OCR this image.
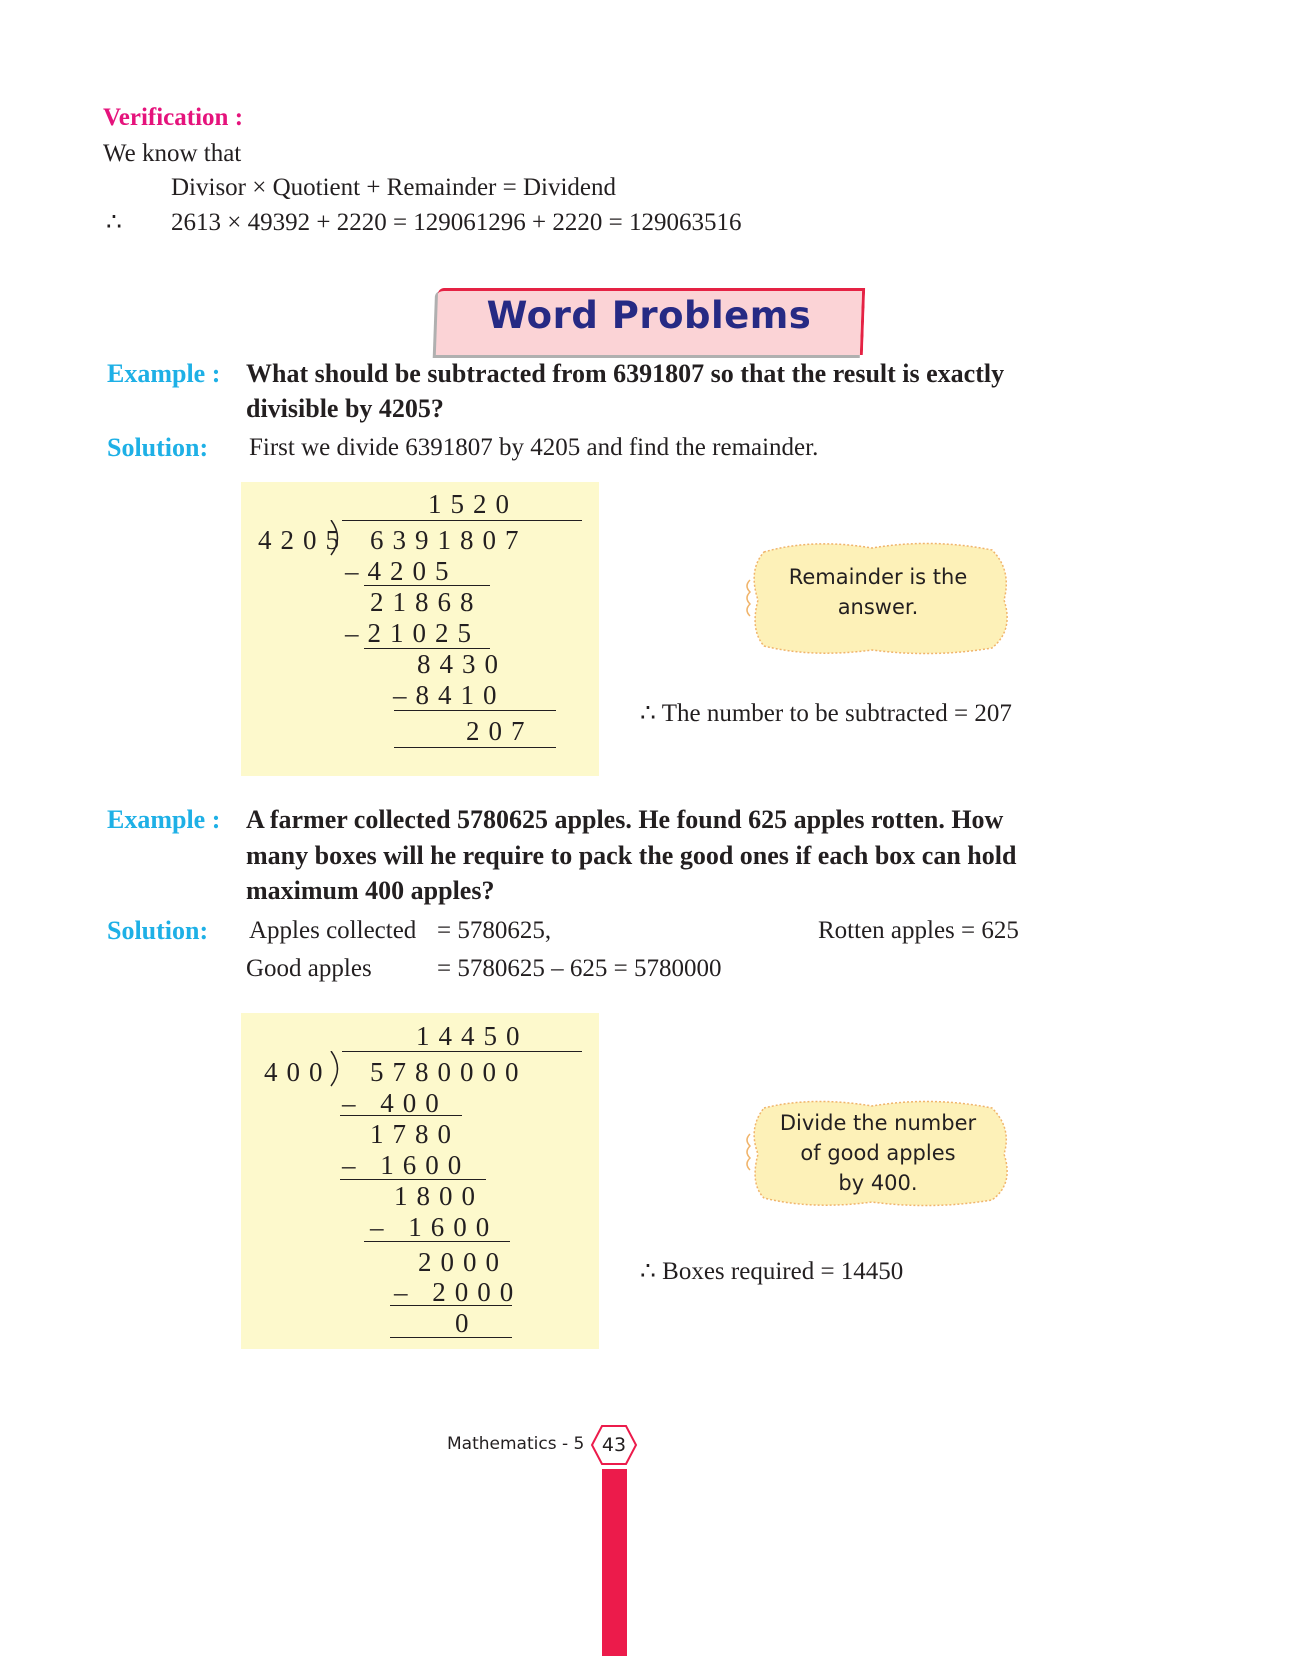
Verification :
We know that
Divisor × Quotient + Remainder = Dividend
∴ 2613 × 49392 + 2220 = 129061296 + 2220 = 129063516
Word Problems
Example : What should be subtracted from 6391807 so that the result is exactly
divisible by 4205?
Solution: First we divide 6391807 by 4205 and find the remainder.
1520
4205 6391807
–4205
21868
–21025
8430
–8410
207
Remainder is the
answer.
∴ The number to be subtracted = 207
Example : A farmer collected 5780625 apples. He found 625 apples rotten. How
many boxes will he require to pack the good ones if each box can hold
maximum 400 apples?
Solution: Apples collected = 5780625,	Rotten apples = 625
Good apples	= 5780625 – 625 = 5780000
14450
400 5780000
– 400
1780
– 1600
1800
– 1600
2000
– 2000
0
Divide the number
of good apples
by 400.
∴ Boxes required = 14450
Mathematics - 5 43
